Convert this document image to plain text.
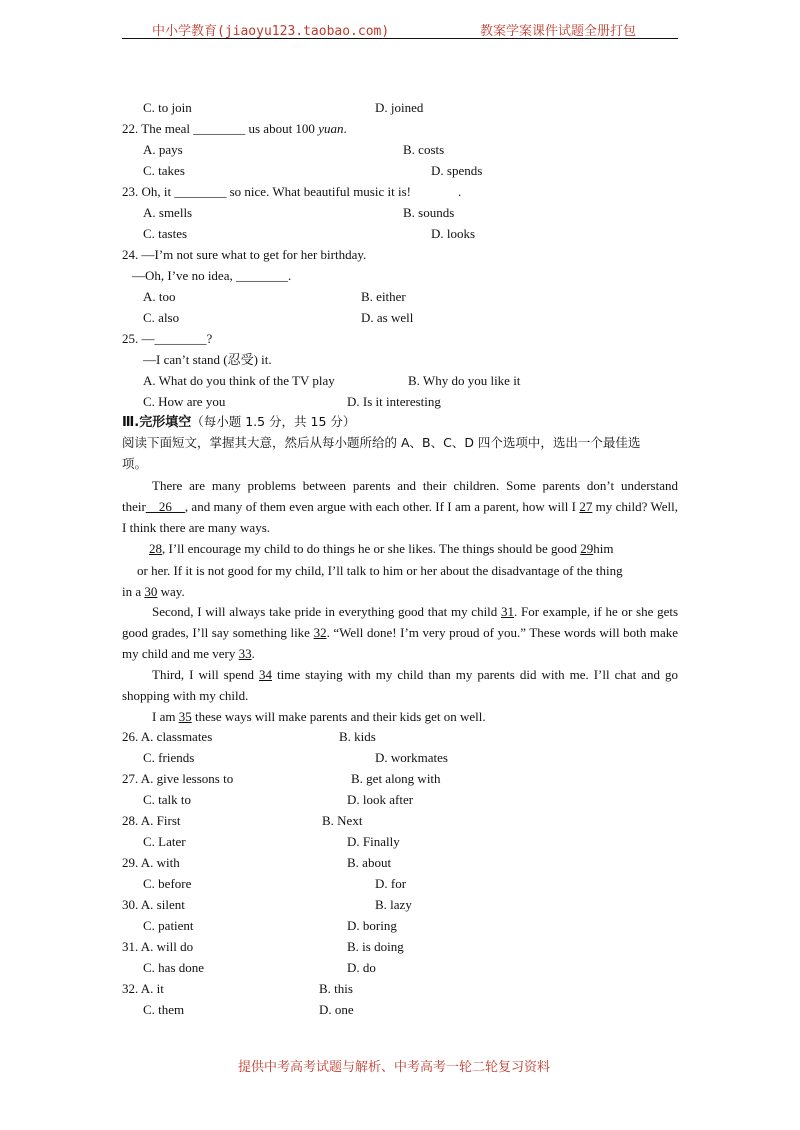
中小学教育(jiaoyu123.taobao.com)	教案学案课件试题全册打包
C. to join	D. joined
22. The meal ________ us about 100 yuan.
A. pays	B. costs
C. takes	D. spends
23. Oh, it ________ so nice. What beautiful music it is!	.
A. smells	B. sounds
C. tastes	D. looks
24. —I’m not sure what to get for her birthday.
—Oh, I’ve no idea, ________.
A. too	B. either
C. also	D. as well
25. —________?
—I can’t stand (忍受) it.
A. What do you think of the TV play	B. Why do you like it
C. How are you	D. Is it interesting
Ⅲ.完形填空（每小题 1.5 分，共 15 分）
阅读下面短文，掌握其大意，然后从每小题所给的 A、B、C、D 四个选项中，选出一个最佳选
项。
There are many problems between parents and their children. Some parents don’t understand their__26__, and many of them even argue with each other. If I am a parent, how will I 27 my child? Well, I think there are many ways.
28, I’ll encourage my child to do things he or she likes. The things should be good 29him
or her. If it is not good for my child, I’ll talk to him or her about the disadvantage of the thing
in a 30 way.
Second, I will always take pride in everything good that my child 31. For example, if he or she gets good grades, I’ll say something like 32. “Well done! I’m very proud of you.” These words will both make my child and me very 33.
Third, I will spend 34 time staying with my child than my parents did with me. I’ll chat and go shopping with my child.
I am 35 these ways will make parents and their kids get on well.
26. A. classmates	B. kids
C. friends	D. workmates
27. A. give lessons to	B. get along with
C. talk to	D. look after
28. A. First	B. Next
C. Later	D. Finally
29. A. with	B. about
C. before	D. for
30. A. silent	B. lazy
C. patient	D. boring
31. A. will do	B. is doing
C. has done	D. do
32. A. it	B. this
C. them	D. one
提供中考高考试题与解析、中考高考一轮二轮复习资料
